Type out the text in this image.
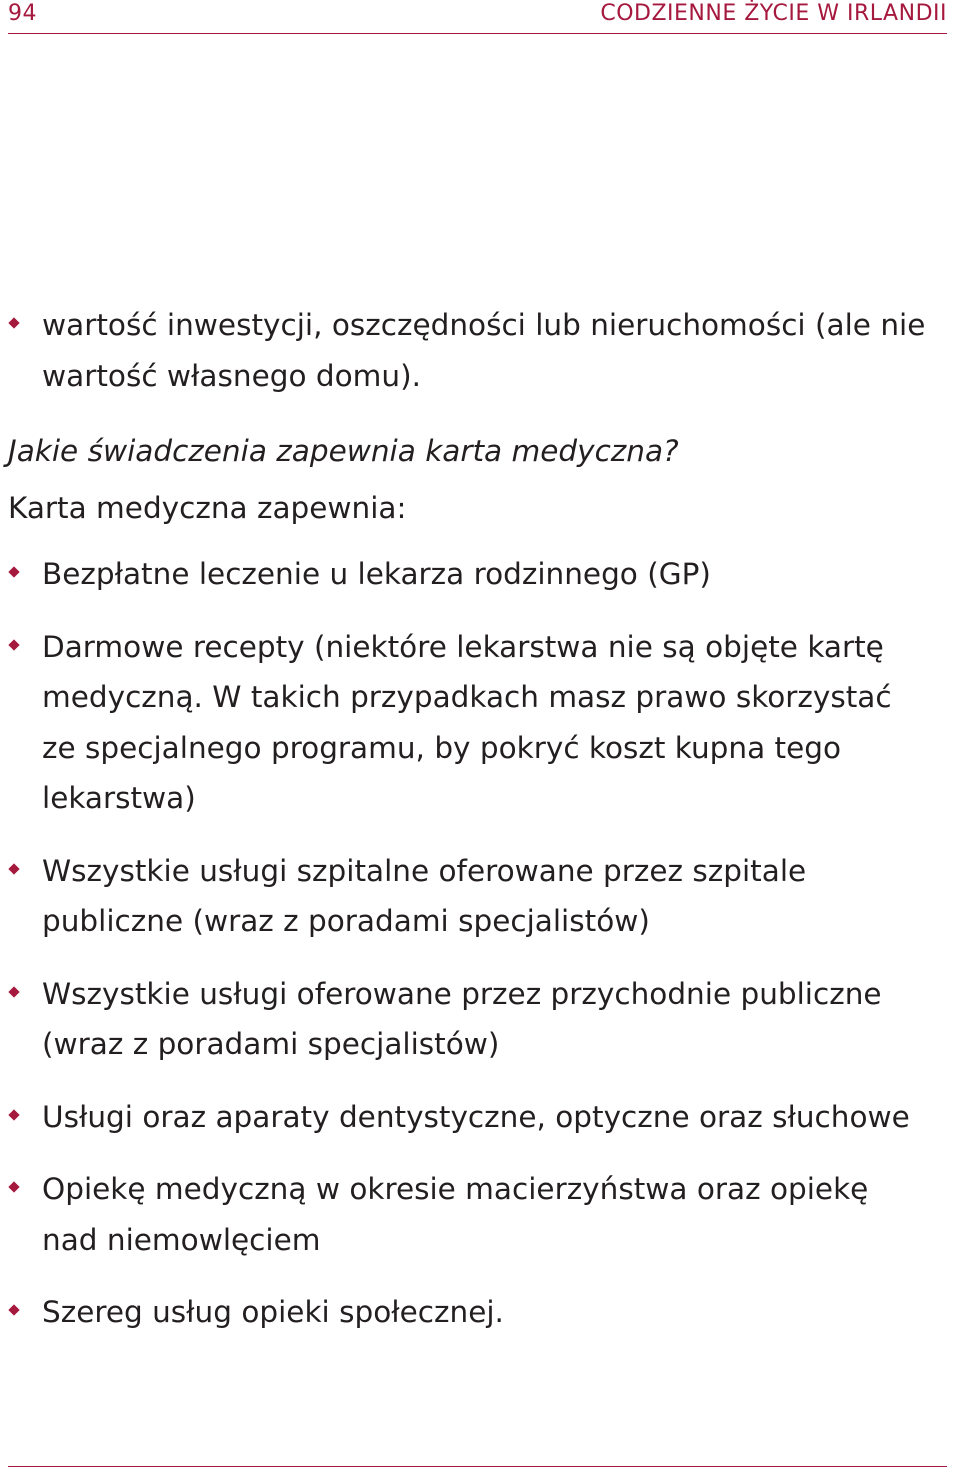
94	CODZIENNE ŻYCIE W IRLANDII
wartość inwestycji, oszczędności lub nieruchomości (ale nie wartość własnego domu).
Jakie świadczenia zapewnia karta medyczna?
Karta medyczna zapewnia:
Bezpłatne leczenie u lekarza rodzinnego (GP)
Darmowe recepty (niektóre lekarstwa nie są objęte kartę medyczną. W takich przypadkach masz prawo skorzystać ze specjalnego programu, by pokryć koszt kupna tego lekarstwa)
Wszystkie usługi szpitalne oferowane przez szpitale publiczne (wraz z poradami specjalistów)
Wszystkie usługi oferowane przez przychodnie publiczne (wraz z poradami specjalistów)
Usługi oraz aparaty dentystyczne, optyczne oraz słuchowe
Opiekę medyczną w okresie macierzyństwa oraz opiekę nad niemowlęciem
Szereg usług opieki społecznej.
